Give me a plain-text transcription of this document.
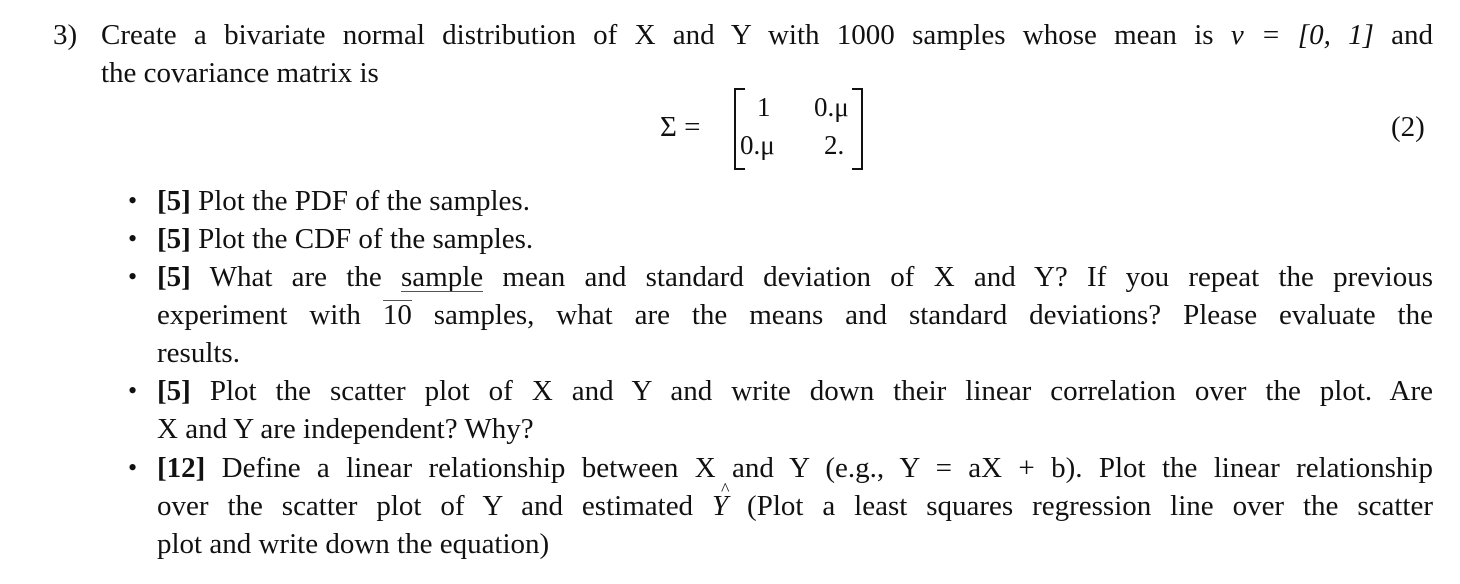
3) Create a bivariate normal distribution of X and Y with 1000 samples whose mean is ν = [0, 1] and
the covariance matrix is
Σ =
1 0.μ
0.μ 2.
(2)
• [5] Plot the PDF of the samples.
• [5] Plot the CDF of the samples.
• [5] What are the sample mean and standard deviation of X and Y? If you repeat the previous
experiment with 10 samples, what are the means and standard deviations? Please evaluate the
results.
• [5] Plot the scatter plot of X and Y and write down their linear correlation over the plot. Are
X and Y are independent? Why?
• [12] Define a linear relationship between X and Y (e.g., Y = aX + b). Plot the linear relationship
over the scatter plot of Y and estimated ^ Y (Plot a least squares regression line over the scatter
plot and write down the equation)
